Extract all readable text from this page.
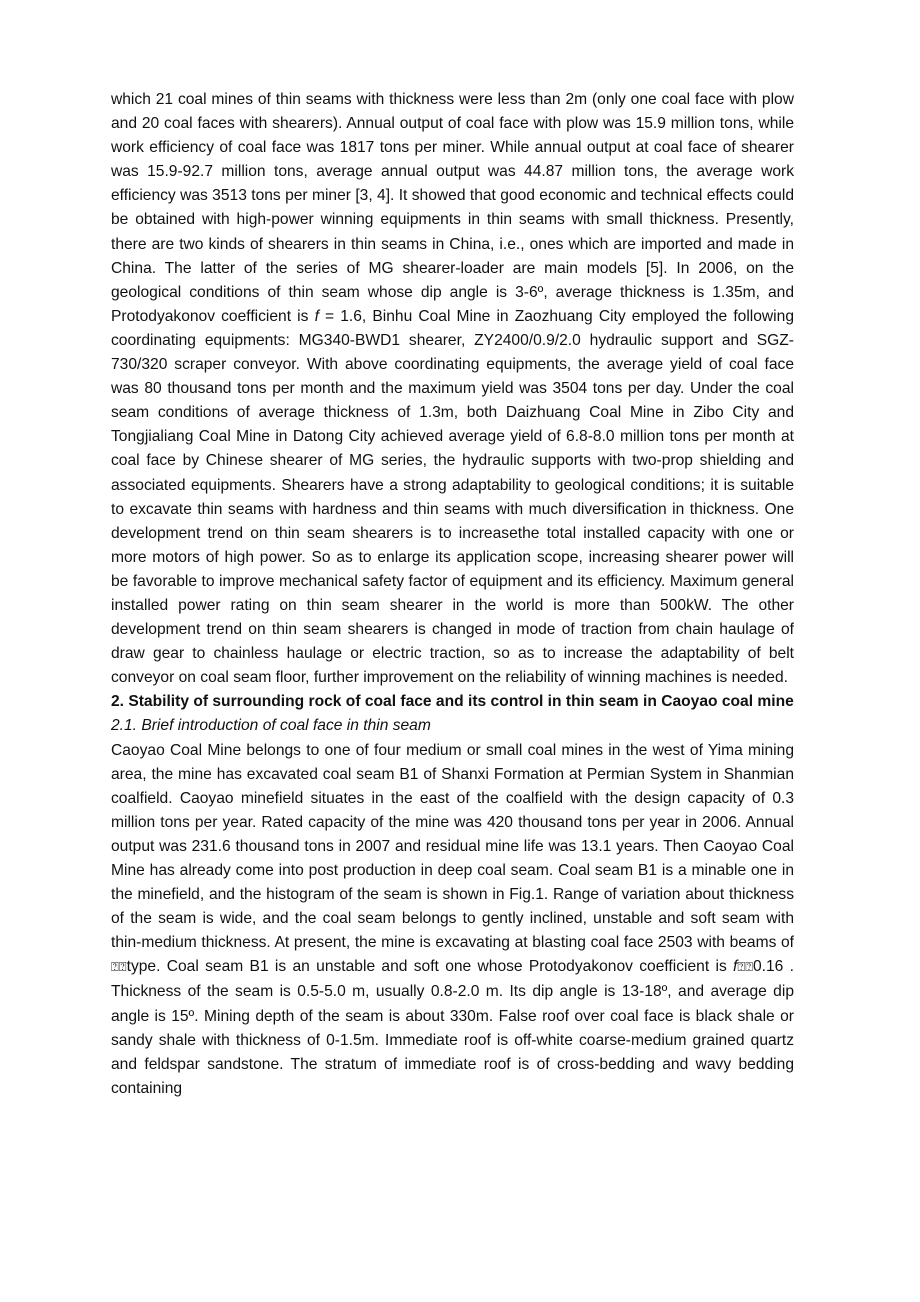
which 21 coal mines of thin seams with thickness were less than 2m (only one coal face with plow and 20 coal faces with shearers). Annual output of coal face with plow was 15.9 million tons, while work efficiency of coal face was 1817 tons per miner. While annual output at coal face of shearer was 15.9-92.7 million tons, average annual output was 44.87 million tons, the average work efficiency was 3513 tons per miner [3, 4]. It showed that good economic and technical effects could be obtained with high-power winning equipments in thin seams with small thickness. Presently, there are two kinds of shearers in thin seams in China, i.e., ones which are imported and made in China. The latter of the series of MG shearer-loader are main models [5]. In 2006, on the geological conditions of thin seam whose dip angle is 3-6º, average thickness is 1.35m, and Protodyakonov coefficient is f = 1.6, Binhu Coal Mine in Zaozhuang City employed the following coordinating equipments: MG340-BWD1 shearer, ZY2400/0.9/2.0 hydraulic support and SGZ-730/320 scraper conveyor. With above coordinating equipments, the average yield of coal face was 80 thousand tons per month and the maximum yield was 3504 tons per day. Under the coal seam conditions of average thickness of 1.3m, both Daizhuang Coal Mine in Zibo City and Tongjialiang Coal Mine in Datong City achieved average yield of 6.8-8.0 million tons per month at coal face by Chinese shearer of MG series, the hydraulic supports with two-prop shielding and associated equipments. Shearers have a strong adaptability to geological conditions; it is suitable to excavate thin seams with hardness and thin seams with much diversification in thickness. One development trend on thin seam shearers is to increasethe total installed capacity with one or more motors of high power. So as to enlarge its application scope, increasing shearer power will be favorable to improve mechanical safety factor of equipment and its efficiency. Maximum general installed power rating on thin seam shearer in the world is more than 500kW. The other development trend on thin seam shearers is changed in mode of traction from chain haulage of draw gear to chainless haulage or electric traction, so as to increase the adaptability of belt conveyor on coal seam floor, further improvement on the reliability of winning machines is needed.

2. Stability of surrounding rock of coal face and its control in thin seam in Caoyao coal mine

2.1. Brief introduction of coal face in thin seam

Caoyao Coal Mine belongs to one of four medium or small coal mines in the west of Yima mining area, the mine has excavated coal seam B1 of Shanxi Formation at Permian System in Shanmian coalfield. Caoyao minefield situates in the east of the coalfield with the design capacity of 0.3 million tons per year. Rated capacity of the mine was 420 thousand tons per year in 2006. Annual output was 231.6 thousand tons in 2007 and residual mine life was 13.1 years. Then Caoyao Coal Mine has already come into post production in deep coal seam. Coal seam B1 is a minable one in the minefield, and the histogram of the seam is shown in Fig.1. Range of variation about thickness of the seam is wide, and the coal seam belongs to gently inclined, unstable and soft seam with thin-medium thickness. At present, the mine is excavating at blasting coal face 2503 with beams of ⍰⍰type. Coal seam B1 is an unstable and soft one whose Protodyakonov coefficient is f⍰⍰0.16 . Thickness of the seam is 0.5-5.0 m, usually 0.8-2.0 m. Its dip angle is 13-18º, and average dip angle is 15º. Mining depth of the seam is about 330m. False roof over coal face is black shale or sandy shale with thickness of 0-1.5m. Immediate roof is off-white coarse-medium grained quartz and feldspar sandstone. The stratum of immediate roof is of cross-bedding and wavy bedding containing
